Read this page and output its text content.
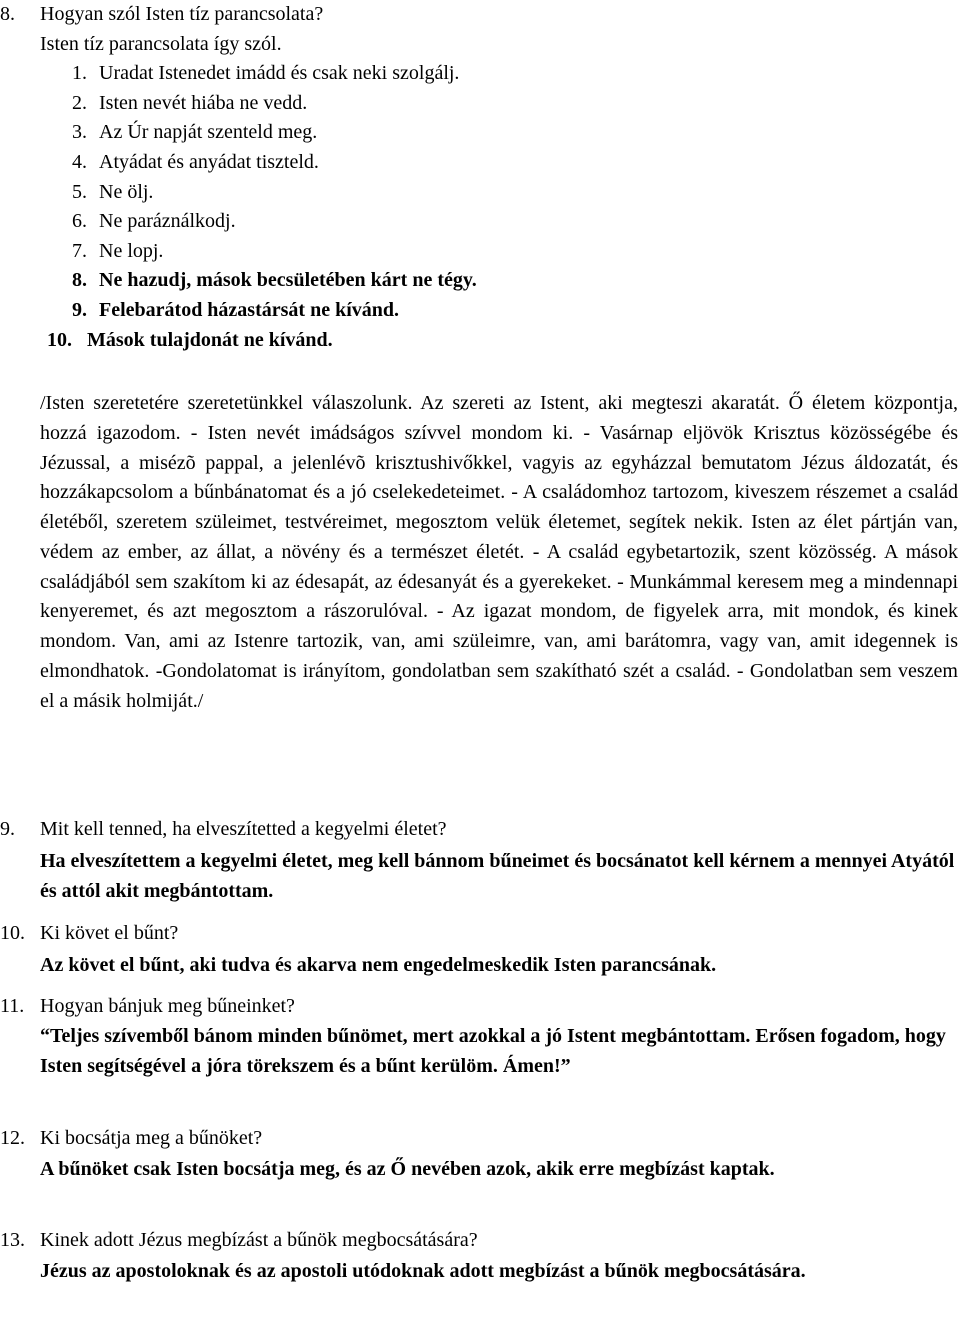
8. Hogyan szól Isten tíz parancsolata?
Isten tíz parancsolata így szól.
1. Uradat Istenedet imádd és csak neki szolgálj.
2. Isten nevét hiába ne vedd.
3. Az Úr napját szenteld meg.
4. Atyádat és anyádat tiszteld.
5. Ne ölj.
6. Ne paráználkodj.
7. Ne lopj.
8. Ne hazudj, mások becsületében kárt ne tégy.
9. Felebarátod házastársát ne kívánd.
10. Mások tulajdonát ne kívánd.

/Isten szeretetére szeretetünkkel válaszolunk. Az szereti az Istent, aki megteszi akaratát. Ő életem központja, hozzá igazodom. - Isten nevét imádságos szívvel mondom ki. - Vasárnap eljövök Krisztus közösségébe és Jézussal, a misézõ pappal, a jelenlévõ krisztushivőkkel, vagyis az egyházzal bemutatom Jézus áldozatát, és hozzákapcsolom a bűnbánatomat és a jó cselekedeteimet. - A családomhoz tartozom, kiveszem részemet a család életéből, szeretem szüleimet, testvéreimet, megosztom velük életemet, segítek nekik. Isten az élet pártján van, védem az ember, az állat, a növény és a természet életét. - A család egybetartozik, szent közösség. A mások családjából sem szakítom ki az édesapát, az édesanyát és a gyerekeket. - Munkámmal keresem meg a mindennapi kenyeremet, és azt megosztom a rászorulóval. - Az igazat mondom, de figyelek arra, mit mondok, és kinek mondom. Van, ami az Istenre tartozik, van, ami szüleimre, van, ami barátomra, vagy van, amit idegennek is elmondhatok. -Gondolatomat is irányítom, gondolatban sem szakítható szét a család. - Gondolatban sem veszem el a másik holmiját./

9. Mit kell tenned, ha elveszítetted a kegyelmi életet?
Ha elveszítettem a kegyelmi életet, meg kell bánnom bűneimet és bocsánatot kell kérnem a mennyei Atyától és attól akit megbántottam.
10. Ki követ el bűnt?
Az követ el bűnt, aki tudva és akarva nem engedelmeskedik Isten parancsának.
11. Hogyan bánjuk meg bűneinket?
“Teljes szívemből bánom minden bűnömet, mert azokkal a jó Istent megbántottam. Erősen fogadom, hogy Isten segítségével a jóra törekszem és a bűnt kerülöm. Ámen!”
12. Ki bocsátja meg a bűnöket?
A bűnöket csak Isten bocsátja meg, és az Ő nevében azok, akik erre megbízást kaptak.
13. Kinek adott Jézus megbízást a bűnök megbocsátására?
Jézus az apostoloknak és az apostoli utódoknak adott megbízást a bűnök megbocsátására.
